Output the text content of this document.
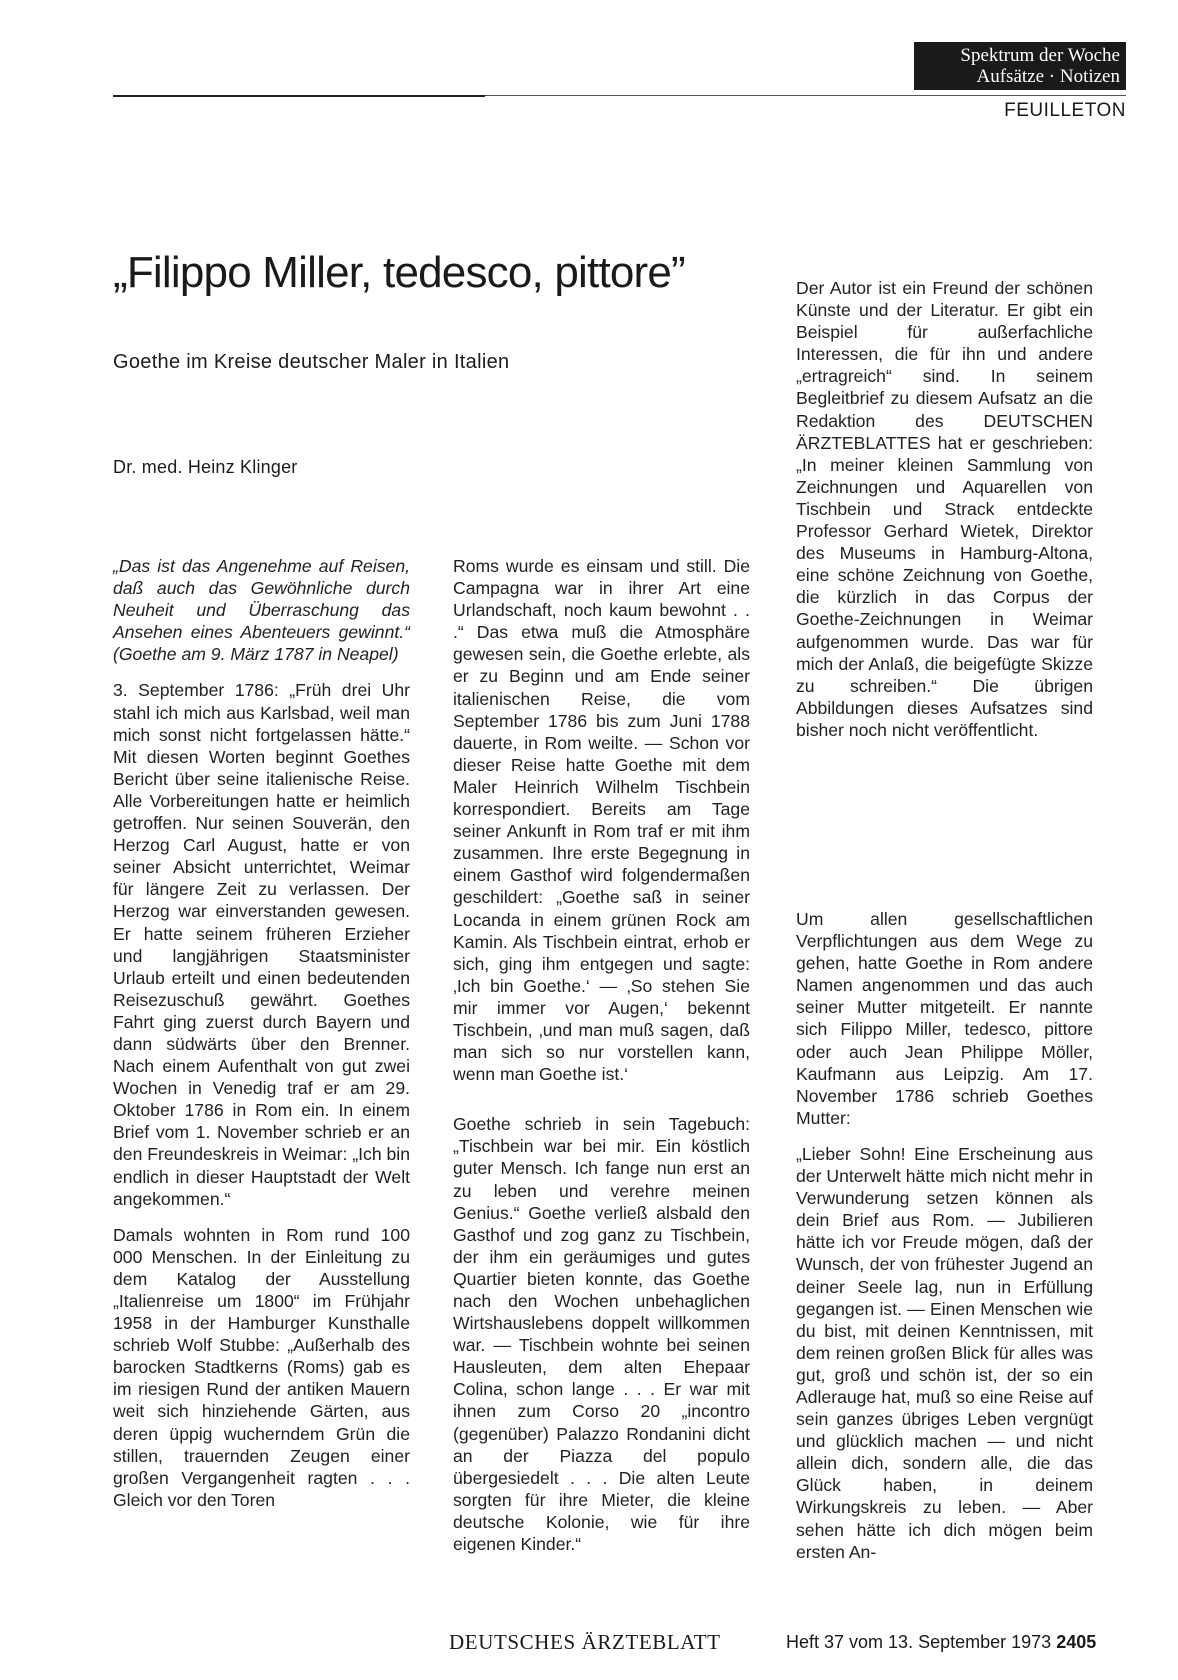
Spektrum der Woche
Aufsätze · Notizen
FEUILLETON
„Filippo Miller, tedesco, pittore”
Goethe im Kreise deutscher Maler in Italien
Dr. med. Heinz Klinger

„Das ist das Angenehme auf Reisen, daß auch das Gewöhnliche durch Neuheit und Überraschung das Ansehen eines Abenteuers gewinnt.“ (Goethe am 9. März 1787 in Neapel)

3. September 1786: „Früh drei Uhr stahl ich mich aus Karlsbad, weil man mich sonst nicht fortgelassen hätte.“ Mit diesen Worten beginnt Goethes Bericht über seine italienische Reise. Alle Vorbereitungen hatte er heimlich getroffen. Nur seinen Souverän, den Herzog Carl August, hatte er von seiner Absicht unterrichtet, Weimar für längere Zeit zu verlassen. Der Herzog war einverstanden gewesen. Er hatte seinem früheren Erzieher und langjährigen Staatsminister Urlaub erteilt und einen bedeutenden Reisezuschuß gewährt. Goethes Fahrt ging zuerst durch Bayern und dann südwärts über den Brenner. Nach einem Aufenthalt von gut zwei Wochen in Venedig traf er am 29. Oktober 1786 in Rom ein. In einem Brief vom 1. November schrieb er an den Freundeskreis in Weimar: „Ich bin endlich in dieser Hauptstadt der Welt angekommen.“

Damals wohnten in Rom rund 100 000 Menschen. In der Einleitung zu dem Katalog der Ausstellung „Italienreise um 1800“ im Frühjahr 1958 in der Hamburger Kunsthalle schrieb Wolf Stubbe: „Außerhalb des barocken Stadtkerns (Roms) gab es im riesigen Rund der antiken Mauern weit sich hinziehende Gärten, aus deren üppig wucherndem Grün die stillen, trauernden Zeugen einer großen Vergangenheit ragten . . . Gleich vor den Toren

Roms wurde es einsam und still. Die Campagna war in ihrer Art eine Urlandschaft, noch kaum bewohnt . . .“ Das etwa muß die Atmosphäre gewesen sein, die Goethe erlebte, als er zu Beginn und am Ende seiner italienischen Reise, die vom September 1786 bis zum Juni 1788 dauerte, in Rom weilte. — Schon vor dieser Reise hatte Goethe mit dem Maler Heinrich Wilhelm Tischbein korrespondiert. Bereits am Tage seiner Ankunft in Rom traf er mit ihm zusammen. Ihre erste Begegnung in einem Gasthof wird folgendermaßen geschildert: „Goethe saß in seiner Locanda in einem grünen Rock am Kamin. Als Tischbein eintrat, erhob er sich, ging ihm entgegen und sagte: ‚Ich bin Goethe.‘ — ‚So stehen Sie mir immer vor Augen,‘ bekennt Tischbein, ‚und man muß sagen, daß man sich so nur vorstellen kann, wenn man Goethe ist.‘

Goethe schrieb in sein Tagebuch: „Tischbein war bei mir. Ein köstlich guter Mensch. Ich fange nun erst an zu leben und verehre meinen Genius.“ Goethe verließ alsbald den Gasthof und zog ganz zu Tischbein, der ihm ein geräumiges und gutes Quartier bieten konnte, das Goethe nach den Wochen unbehaglichen Wirtshauslebens doppelt willkommen war. — Tischbein wohnte bei seinen Hausleuten, dem alten Ehepaar Colina, schon lange . . . Er war mit ihnen zum Corso 20 „incontro (gegenüber) Palazzo Rondanini dicht an der Piazza del populo übergesiedelt . . . Die alten Leute sorgten für ihre Mieter, die kleine deutsche Kolonie, wie für ihre eigenen Kinder.“

Der Autor ist ein Freund der schönen Künste und der Literatur. Er gibt ein Beispiel für außerfachliche Interessen, die für ihn und andere „ertragreich“ sind. In seinem Begleitbrief zu diesem Aufsatz an die Redaktion des DEUTSCHEN ÄRZTEBLATTES hat er geschrieben: „In meiner kleinen Sammlung von Zeichnungen und Aquarellen von Tischbein und Strack entdeckte Professor Gerhard Wietek, Direktor des Museums in Hamburg-Altona, eine schöne Zeichnung von Goethe, die kürzlich in das Corpus der Goethe-Zeichnungen in Weimar aufgenommen wurde. Das war für mich der Anlaß, die beigefügte Skizze zu schreiben.“ Die übrigen Abbildungen dieses Aufsatzes sind bisher noch nicht veröffentlicht.

Um allen gesellschaftlichen Verpflichtungen aus dem Wege zu gehen, hatte Goethe in Rom andere Namen angenommen und das auch seiner Mutter mitgeteilt. Er nannte sich Filippo Miller, tedesco, pittore oder auch Jean Philippe Möller, Kaufmann aus Leipzig. Am 17. November 1786 schrieb Goethes Mutter:

„Lieber Sohn! Eine Erscheinung aus der Unterwelt hätte mich nicht mehr in Verwunderung setzen können als dein Brief aus Rom. — Jubilieren hätte ich vor Freude mögen, daß der Wunsch, der von frühester Jugend an deiner Seele lag, nun in Erfüllung gegangen ist. — Einen Menschen wie du bist, mit deinen Kenntnissen, mit dem reinen großen Blick für alles was gut, groß und schön ist, der so ein Adlerauge hat, muß so eine Reise auf sein ganzes übriges Leben vergnügt und glücklich machen — und nicht allein dich, sondern alle, die das Glück haben, in deinem Wirkungskreis zu leben. — Aber sehen hätte ich dich mögen beim ersten An-

DEUTSCHES ÄRZTEBLATT	Heft 37 vom 13. September 1973 2405
